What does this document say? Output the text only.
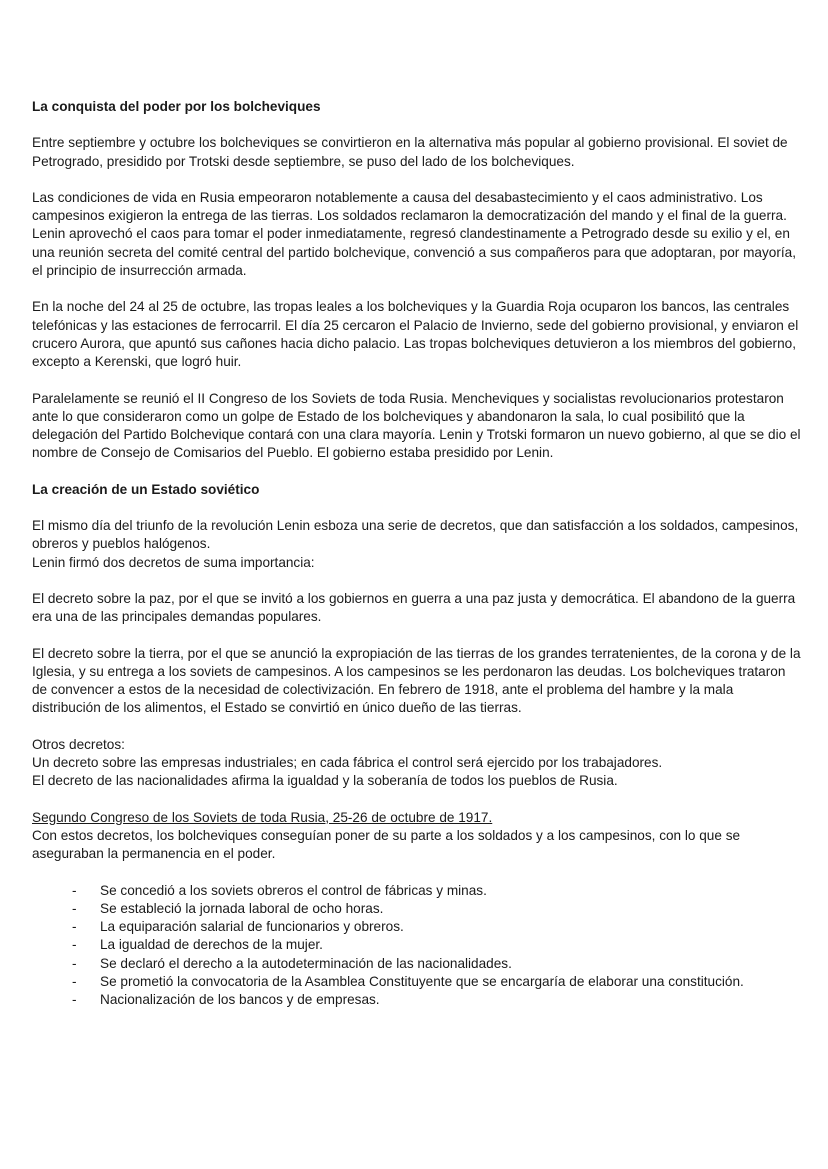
La conquista del poder por los bolcheviques

Entre septiembre y octubre los bolcheviques se convirtieron en la alternativa más popular al gobierno provisional. El soviet de Petrogrado, presidido por Trotski desde septiembre, se puso del lado de los bolcheviques.

Las condiciones de vida en Rusia empeoraron notablemente a causa del desabastecimiento y el caos administrativo. Los campesinos exigieron la entrega de las tierras. Los soldados reclamaron la democratización del mando y el final de la guerra.

Lenin aprovechó el caos para tomar el poder inmediatamente, regresó clandestinamente a Petrogrado desde su exilio y el, en una reunión secreta del comité central del partido bolchevique, convenció a sus compañeros para que adoptaran, por mayoría, el principio de insurrección armada.

En la noche del 24 al 25 de octubre, las tropas leales a los bolcheviques y la Guardia Roja ocuparon los bancos, las centrales telefónicas y las estaciones de ferrocarril. El día 25 cercaron el Palacio de Invierno, sede del gobierno provisional, y enviaron el crucero Aurora, que apuntó sus cañones hacia dicho palacio. Las tropas bolcheviques detuvieron a los miembros del gobierno, excepto a Kerenski, que logró huir.

Paralelamente se reunió el II Congreso de los Soviets de toda Rusia. Mencheviques y socialistas revolucionarios protestaron ante lo que consideraron como un golpe de Estado de los bolcheviques y abandonaron la sala, lo cual posibilitó que la delegación del Partido Bolchevique contará con una clara mayoría. Lenin y Trotski formaron un nuevo gobierno, al que se dio el nombre de Consejo de Comisarios del Pueblo. El gobierno estaba presidido por Lenin.

La creación de un Estado soviético

El mismo día del triunfo de la revolución Lenin esboza una serie de decretos, que dan satisfacción a los soldados, campesinos, obreros y pueblos halógenos.

Lenin firmó dos decretos de suma importancia:

El decreto sobre la paz, por el que se invitó a los gobiernos en guerra a una paz justa y democrática. El abandono de la guerra era una de las principales demandas populares.

El decreto sobre la tierra, por el que se anunció la expropiación de las tierras de los grandes terratenientes, de la corona y de la Iglesia, y su entrega a los soviets de campesinos. A los campesinos se les perdonaron las deudas. Los bolcheviques trataron de convencer a estos de la necesidad de colectivización. En febrero de 1918, ante el problema del hambre y la mala distribución de los alimentos, el Estado se convirtió en único dueño de las tierras.

Otros decretos:

Un decreto sobre las empresas industriales; en cada fábrica el control será ejercido por los trabajadores.

El decreto de las nacionalidades afirma la igualdad y la soberanía de todos los pueblos de Rusia.

Segundo Congreso de los Soviets de toda Rusia, 25-26 de octubre de 1917.

Con estos decretos, los bolcheviques conseguían poner de su parte a los soldados y a los campesinos, con lo que se aseguraban la permanencia en el poder.

- Se concedió a los soviets obreros el control de fábricas y minas.
- Se estableció la jornada laboral de ocho horas.
- La equiparación salarial de funcionarios y obreros.
- La igualdad de derechos de la mujer.
- Se declaró el derecho a la autodeterminación de las nacionalidades.
- Se prometió la convocatoria de la Asamblea Constituyente que se encargaría de elaborar una constitución.
- Nacionalización de los bancos y de empresas.
